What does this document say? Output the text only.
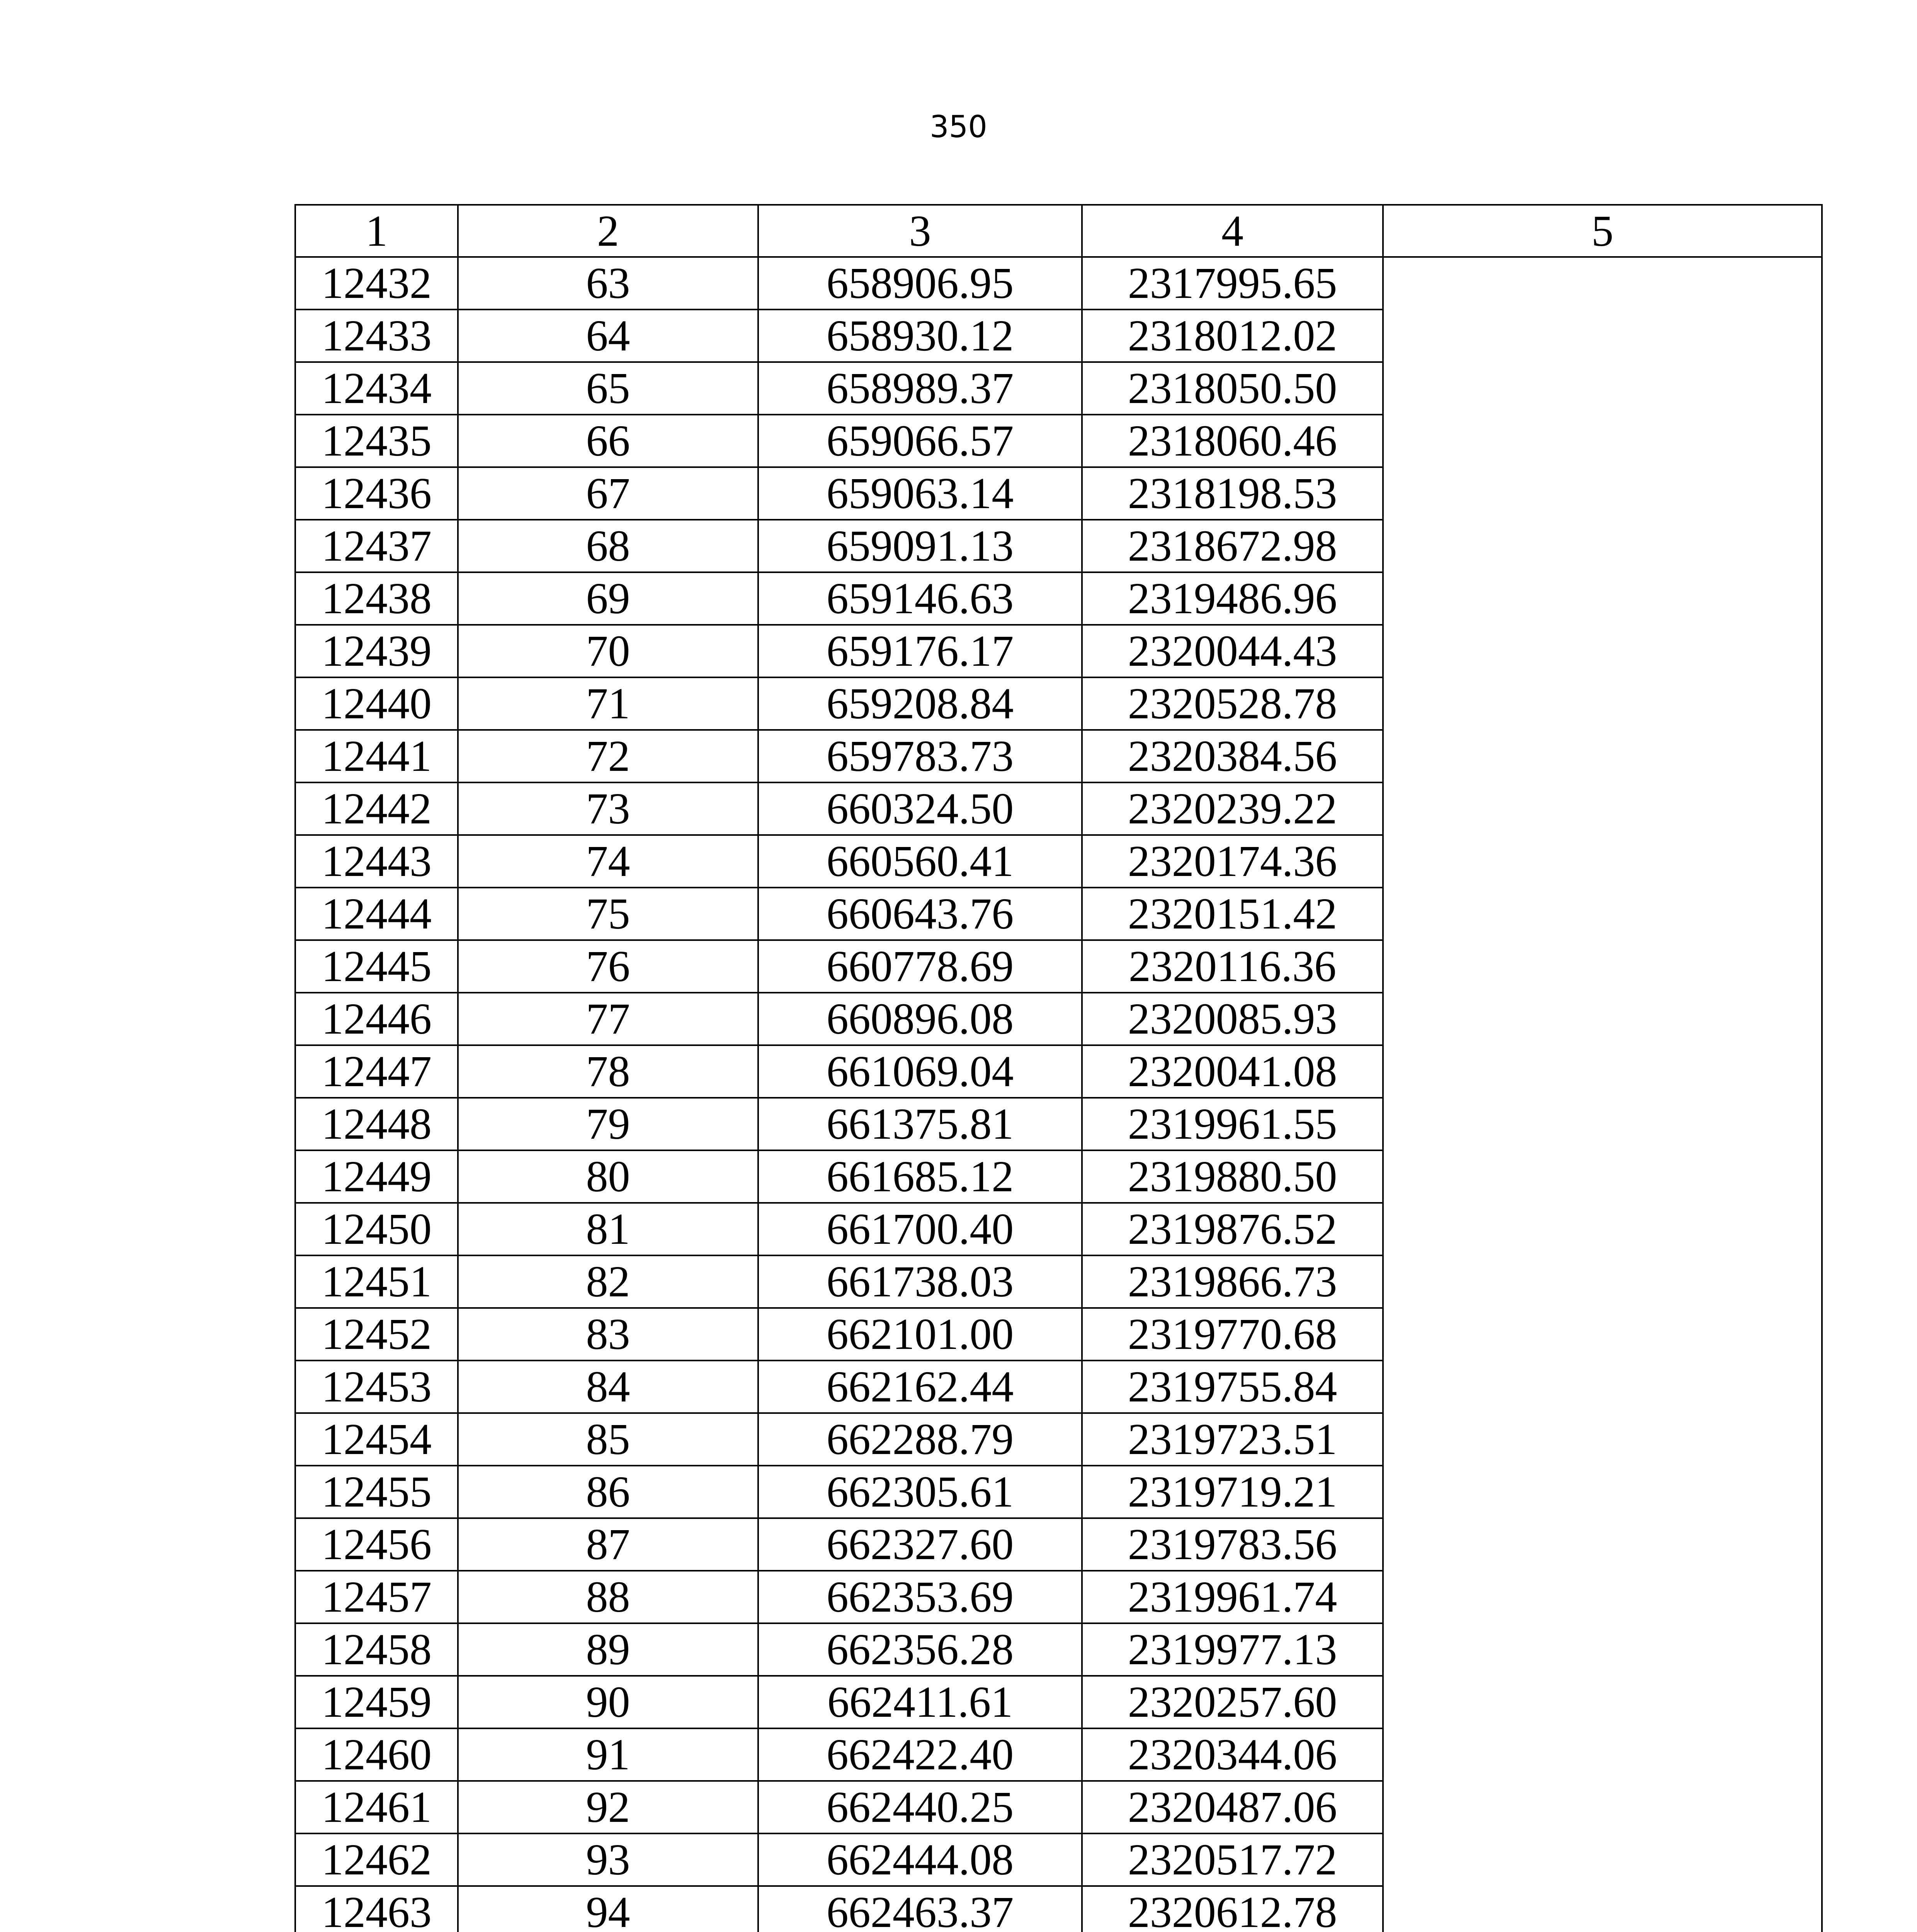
350
1	2	3	4	5
12432	63	658906.95	2317995.65	
12433	64	658930.12	2318012.02	
12434	65	658989.37	2318050.50	
12435	66	659066.57	2318060.46	
12436	67	659063.14	2318198.53	
12437	68	659091.13	2318672.98	
12438	69	659146.63	2319486.96	
12439	70	659176.17	2320044.43	
12440	71	659208.84	2320528.78	
12441	72	659783.73	2320384.56	
12442	73	660324.50	2320239.22	
12443	74	660560.41	2320174.36	
12444	75	660643.76	2320151.42	
12445	76	660778.69	2320116.36	
12446	77	660896.08	2320085.93	
12447	78	661069.04	2320041.08	
12448	79	661375.81	2319961.55	
12449	80	661685.12	2319880.50	
12450	81	661700.40	2319876.52	
12451	82	661738.03	2319866.73	
12452	83	662101.00	2319770.68	
12453	84	662162.44	2319755.84	
12454	85	662288.79	2319723.51	
12455	86	662305.61	2319719.21	
12456	87	662327.60	2319783.56	
12457	88	662353.69	2319961.74	
12458	89	662356.28	2319977.13	
12459	90	662411.61	2320257.60	
12460	91	662422.40	2320344.06	
12461	92	662440.25	2320487.06	
12462	93	662444.08	2320517.72	
12463	94	662463.37	2320612.78	
